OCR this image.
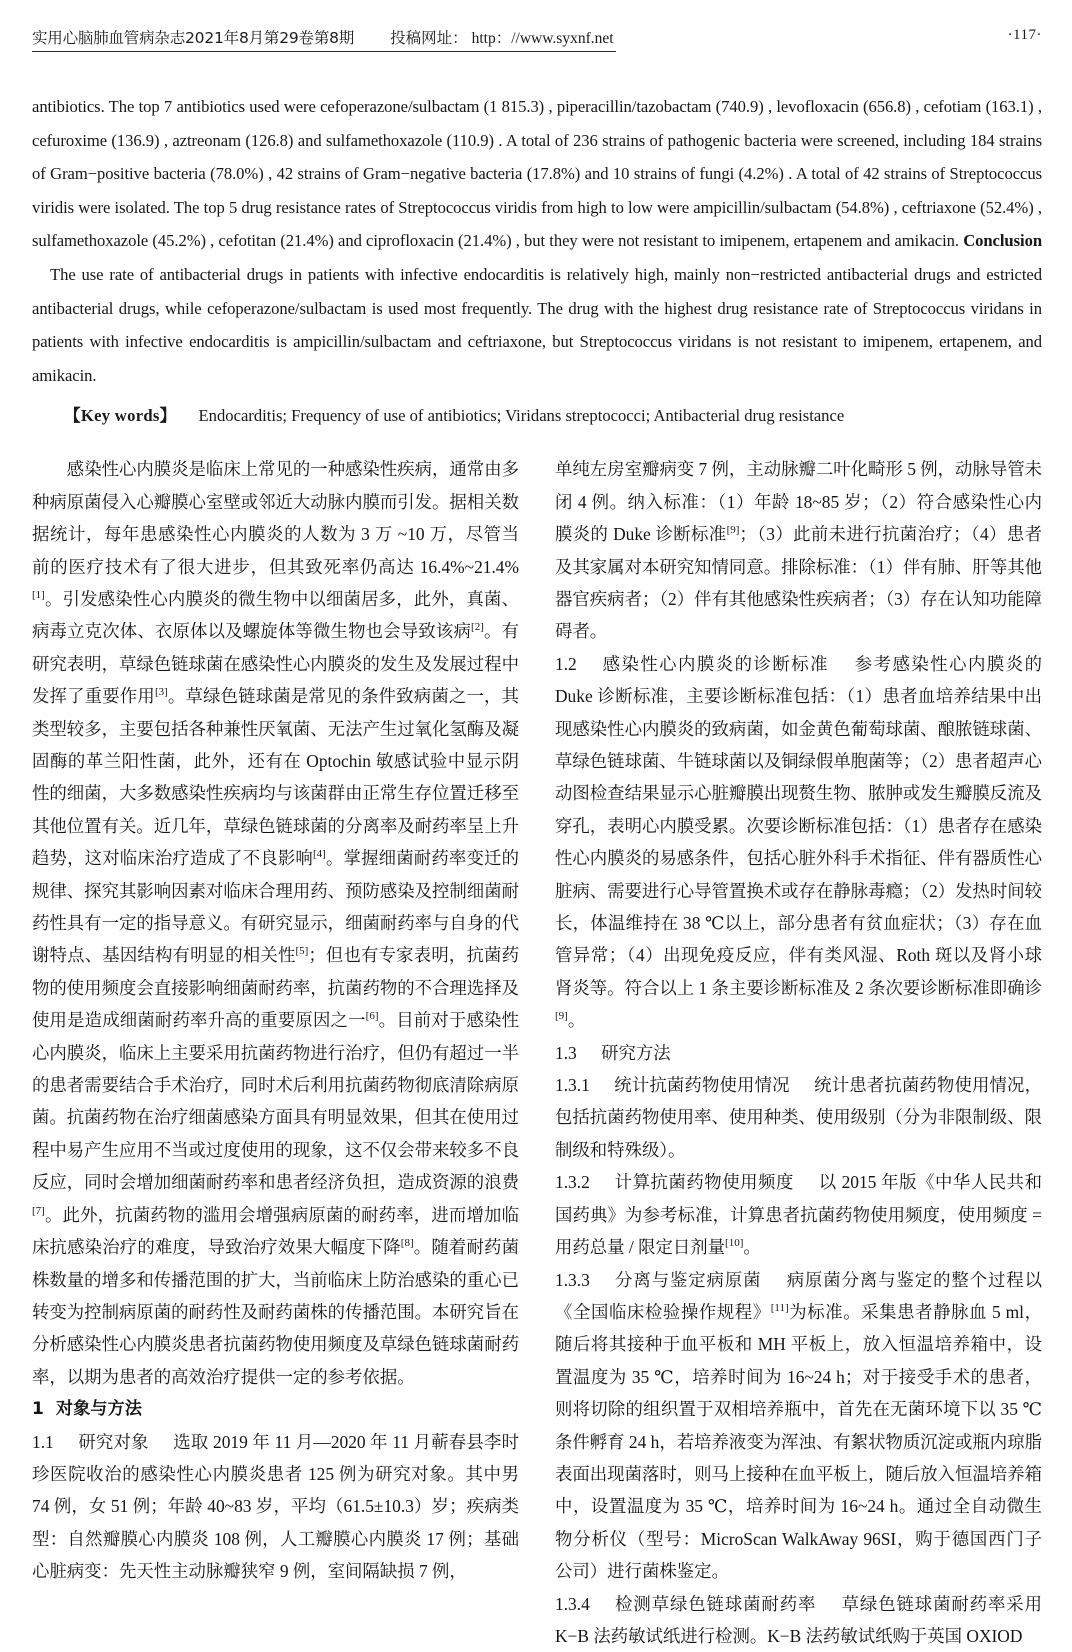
实用心脑肺血管病杂志2021年8月第29卷第8期 投稿网址： http：//www.syxnf.net	·117·
antibiotics. The top 7 antibiotics used were cefoperazone/sulbactam (1 815.3) , piperacillin/tazobactam (740.9) , levofloxacin (656.8) , cefotiam (163.1) , cefuroxime (136.9) , aztreonam (126.8) and sulfamethoxazole (110.9) . A total of 236 strains of pathogenic bacteria were screened, including 184 strains of Gram−positive bacteria (78.0%) , 42 strains of Gram−negative bacteria (17.8%) and 10 strains of fungi (4.2%) . A total of 42 strains of Streptococcus viridis were isolated. The top 5 drug resistance rates of Streptococcus viridis from high to low were ampicillin/sulbactam (54.8%) , ceftriaxone (52.4%) , sulfamethoxazole (45.2%) , cefotitan (21.4%) and ciprofloxacin (21.4%) , but they were not resistant to imipenem, ertapenem and amikacin. ConclusionThe use rate of antibacterial drugs in patients with infective endocarditis is relatively high, mainly non−restricted antibacterial drugs and estricted antibacterial drugs, while cefoperazone/sulbactam is used most frequently. The drug with the highest drug resistance rate of Streptococcus viridans in patients with infective endocarditis is ampicillin/sulbactam and ceftriaxone, but Streptococcus viridans is not resistant to imipenem, ertapenem, and amikacin.
【Key words】 Endocarditis; Frequency of use of antibiotics; Viridans streptococci; Antibacterial drug resistance

感染性心内膜炎是临床上常见的一种感染性疾病，通常由多种病原菌侵入心瓣膜心室壁或邻近大动脉内膜而引发。据相关数据统计，每年患感染性心内膜炎的人数为 3 万 ~10 万，尽管当前的医疗技术有了很大进步，但其致死率仍高达 16.4%~21.4%[1]。引发感染性心内膜炎的微生物中以细菌居多，此外，真菌、病毒立克次体、衣原体以及螺旋体等微生物也会导致该病[2]。有研究表明，草绿色链球菌在感染性心内膜炎的发生及发展过程中发挥了重要作用[3]。草绿色链球菌是常见的条件致病菌之一，其类型较多，主要包括各种兼性厌氧菌、无法产生过氧化氢酶及凝固酶的革兰阳性菌，此外，还有在 Optochin 敏感试验中显示阴性的细菌，大多数感染性疾病均与该菌群由正常生存位置迁移至其他位置有关。近几年，草绿色链球菌的分离率及耐药率呈上升趋势，这对临床治疗造成了不良影响[4]。掌握细菌耐药率变迁的规律、探究其影响因素对临床合理用药、预防感染及控制细菌耐药性具有一定的指导意义。有研究显示，细菌耐药率与自身的代谢特点、基因结构有明显的相关性[5]；但也有专家表明，抗菌药物的使用频度会直接影响细菌耐药率，抗菌药物的不合理选择及使用是造成细菌耐药率升高的重要原因之一[6]。目前对于感染性心内膜炎，临床上主要采用抗菌药物进行治疗，但仍有超过一半的患者需要结合手术治疗，同时术后利用抗菌药物彻底清除病原菌。抗菌药物在治疗细菌感染方面具有明显效果，但其在使用过程中易产生应用不当或过度使用的现象，这不仅会带来较多不良反应，同时会增加细菌耐药率和患者经济负担，造成资源的浪费[7]。此外，抗菌药物的滥用会增强病原菌的耐药率，进而增加临床抗感染治疗的难度，导致治疗效果大幅度下降[8]。随着耐药菌株数量的增多和传播范围的扩大，当前临床上防治感染的重心已转变为控制病原菌的耐药性及耐药菌株的传播范围。本研究旨在分析感染性心内膜炎患者抗菌药物使用频度及草绿色链球菌耐药率，以期为患者的高效治疗提供一定的参考依据。

1 对象与方法

1.1 研究对象 选取 2019 年 11 月—2020 年 11 月蕲春县李时珍医院收治的感染性心内膜炎患者 125 例为研究对象。其中男 74 例，女 51 例；年龄 40~83 岁，平均（61.5±10.3）岁；疾病类型：自然瓣膜心内膜炎 108 例，人工瓣膜心内膜炎 17 例；基础心脏病变：先天性主动脉瓣狭窄 9 例，室间隔缺损 7 例，

单纯左房室瓣病变 7 例，主动脉瓣二叶化畸形 5 例，动脉导管未闭 4 例。纳入标准：（1）年龄 18~85 岁；（2）符合感染性心内膜炎的 Duke 诊断标准[9]；（3）此前未进行抗菌治疗；（4）患者及其家属对本研究知情同意。排除标准：（1）伴有肺、肝等其他器官疾病者；（2）伴有其他感染性疾病者；（3）存在认知功能障碍者。

1.2 感染性心内膜炎的诊断标准 参考感染性心内膜炎的 Duke 诊断标准，主要诊断标准包括：（1）患者血培养结果中出现感染性心内膜炎的致病菌，如金黄色葡萄球菌、酿脓链球菌、草绿色链球菌、牛链球菌以及铜绿假单胞菌等；（2）患者超声心动图检查结果显示心脏瓣膜出现赘生物、脓肿或发生瓣膜反流及穿孔，表明心内膜受累。次要诊断标准包括：（1）患者存在感染性心内膜炎的易感条件，包括心脏外科手术指征、伴有器质性心脏病、需要进行心导管置换术或存在静脉毒瘾；（2）发热时间较长，体温维持在 38 ℃以上，部分患者有贫血症状；（3）存在血管异常；（4）出现免疫反应，伴有类风湿、Roth 斑以及肾小球肾炎等。符合以上 1 条主要诊断标准及 2 条次要诊断标准即确诊[9]。

1.3 研究方法

1.3.1 统计抗菌药物使用情况 统计患者抗菌药物使用情况，包括抗菌药物使用率、使用种类、使用级别（分为非限制级、限制级和特殊级）。

1.3.2 计算抗菌药物使用频度 以 2015 年版《中华人民共和国药典》为参考标准，计算患者抗菌药物使用频度，使用频度 = 用药总量 / 限定日剂量[10]。

1.3.3 分离与鉴定病原菌 病原菌分离与鉴定的整个过程以《全国临床检验操作规程》[11]为标准。采集患者静脉血 5 ml，随后将其接种于血平板和 MH 平板上，放入恒温培养箱中，设置温度为 35 ℃，培养时间为 16~24 h；对于接受手术的患者，则将切除的组织置于双相培养瓶中，首先在无菌环境下以 35 ℃条件孵育 24 h，若培养液变为浑浊、有絮状物质沉淀或瓶内琼脂表面出现菌落时，则马上接种在血平板上，随后放入恒温培养箱中，设置温度为 35 ℃，培养时间为 16~24 h。通过全自动微生物分析仪（型号：MicroScan WalkAway 96SI，购于德国西门子公司）进行菌株鉴定。

1.3.4 检测草绿色链球菌耐药率 草绿色链球菌耐药率采用 K−B 法药敏试纸进行检测。K−B 法药敏试纸购于英国 OXIOD
